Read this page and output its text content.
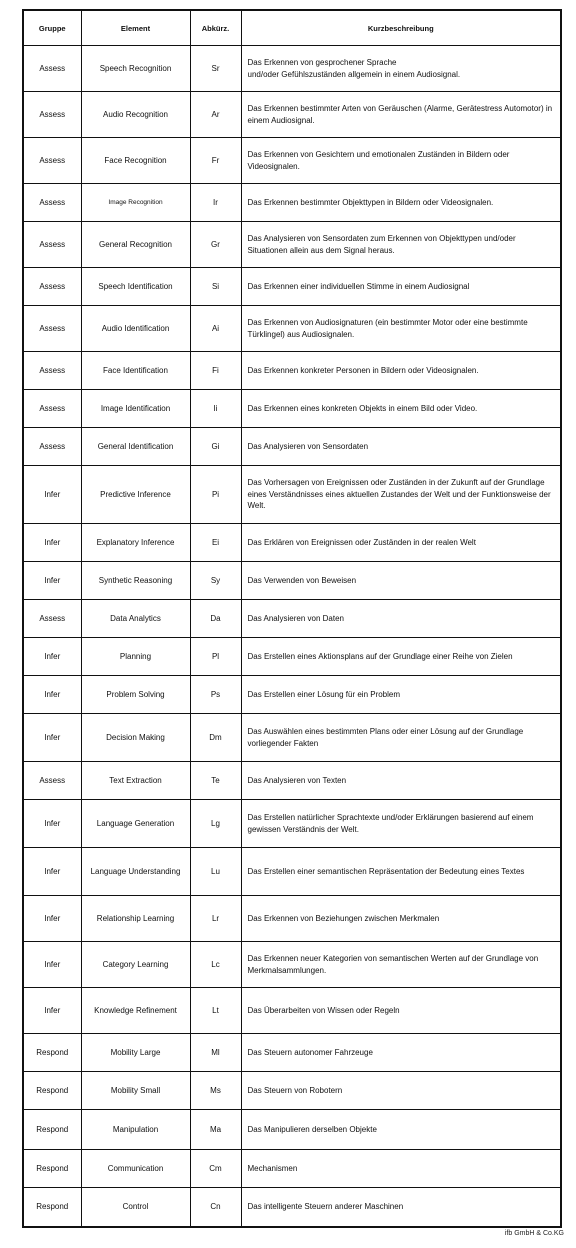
Gruppe	Element	Abkürz.	Kurzbeschreibung
Assess	Speech Recognition	Sr	Das Erkennen von gesprochener Sprache
und/oder Gefühlszuständen allgemein in einem Audiosignal.
Assess	Audio Recognition	Ar	Das Erkennen bestimmter Arten von Geräuschen (Alarme, Gerätestress Automotor) in einem Audiosignal.
Assess	Face Recognition	Fr	Das Erkennen von Gesichtern und emotionalen Zuständen in Bildern oder Videosignalen.
Assess	Image Recognition	Ir	Das Erkennen bestimmter Objekttypen in Bildern oder Videosignalen.
Assess	General Recognition	Gr	Das Analysieren von Sensordaten zum Erkennen von Objekttypen und/oder Situationen allein aus dem Signal heraus.
Assess	Speech Identification	Si	Das Erkennen einer individuellen Stimme in einem Audiosignal
Assess	Audio Identification	Ai	Das Erkennen von Audiosignaturen (ein bestimmter Motor oder eine bestimmte Türklingel) aus Audiosignalen.
Assess	Face Identification	Fi	Das Erkennen konkreter Personen in Bildern oder Videosignalen.
Assess	Image Identification	Ii	Das Erkennen eines konkreten Objekts in einem Bild oder Video.
Assess	General Identification	Gi	Das Analysieren von Sensordaten
Infer	Predictive Inference	Pi	Das Vorhersagen von Ereignissen oder Zuständen in der Zukunft auf der Grundlage eines Verständnisses eines aktuellen Zustandes der Welt und der Funktionsweise der Welt.
Infer	Explanatory Inference	Ei	Das Erklären von Ereignissen oder Zuständen in der realen Welt
Infer	Synthetic Reasoning	Sy	Das Verwenden von Beweisen
Assess	Data Analytics	Da	Das Analysieren von Daten
Infer	Planning	Pl	Das Erstellen eines Aktionsplans auf der Grundlage einer Reihe von Zielen
Infer	Problem Solving	Ps	Das Erstellen einer Lösung für ein Problem
Infer	Decision Making	Dm	Das Auswählen eines bestimmten Plans oder einer Lösung auf der Grundlage vorliegender Fakten
Assess	Text Extraction	Te	Das Analysieren von Texten
Infer	Language Generation	Lg	Das Erstellen natürlicher Sprachtexte und/oder Erklärungen basierend auf einem gewissen Verständnis der Welt.
Infer	Language Understanding	Lu	Das Erstellen einer semantischen Repräsentation der Bedeutung eines Textes
Infer	Relationship Learning	Lr	Das Erkennen von Beziehungen zwischen Merkmalen
Infer	Category Learning	Lc	Das Erkennen neuer Kategorien von semantischen Werten auf der Grundlage von Merkmalsammlungen.
Infer	Knowledge Refinement	Lt	Das Überarbeiten von Wissen oder Regeln
Respond	Mobility Large	Ml	Das Steuern autonomer Fahrzeuge
Respond	Mobility Small	Ms	Das Steuern von Robotern
Respond	Manipulation	Ma	Das Manipulieren derselben Objekte
Respond	Communication	Cm	Mechanismen
Respond	Control	Cn	Das intelligente Steuern anderer Maschinen
ifb GmbH & Co.KG
